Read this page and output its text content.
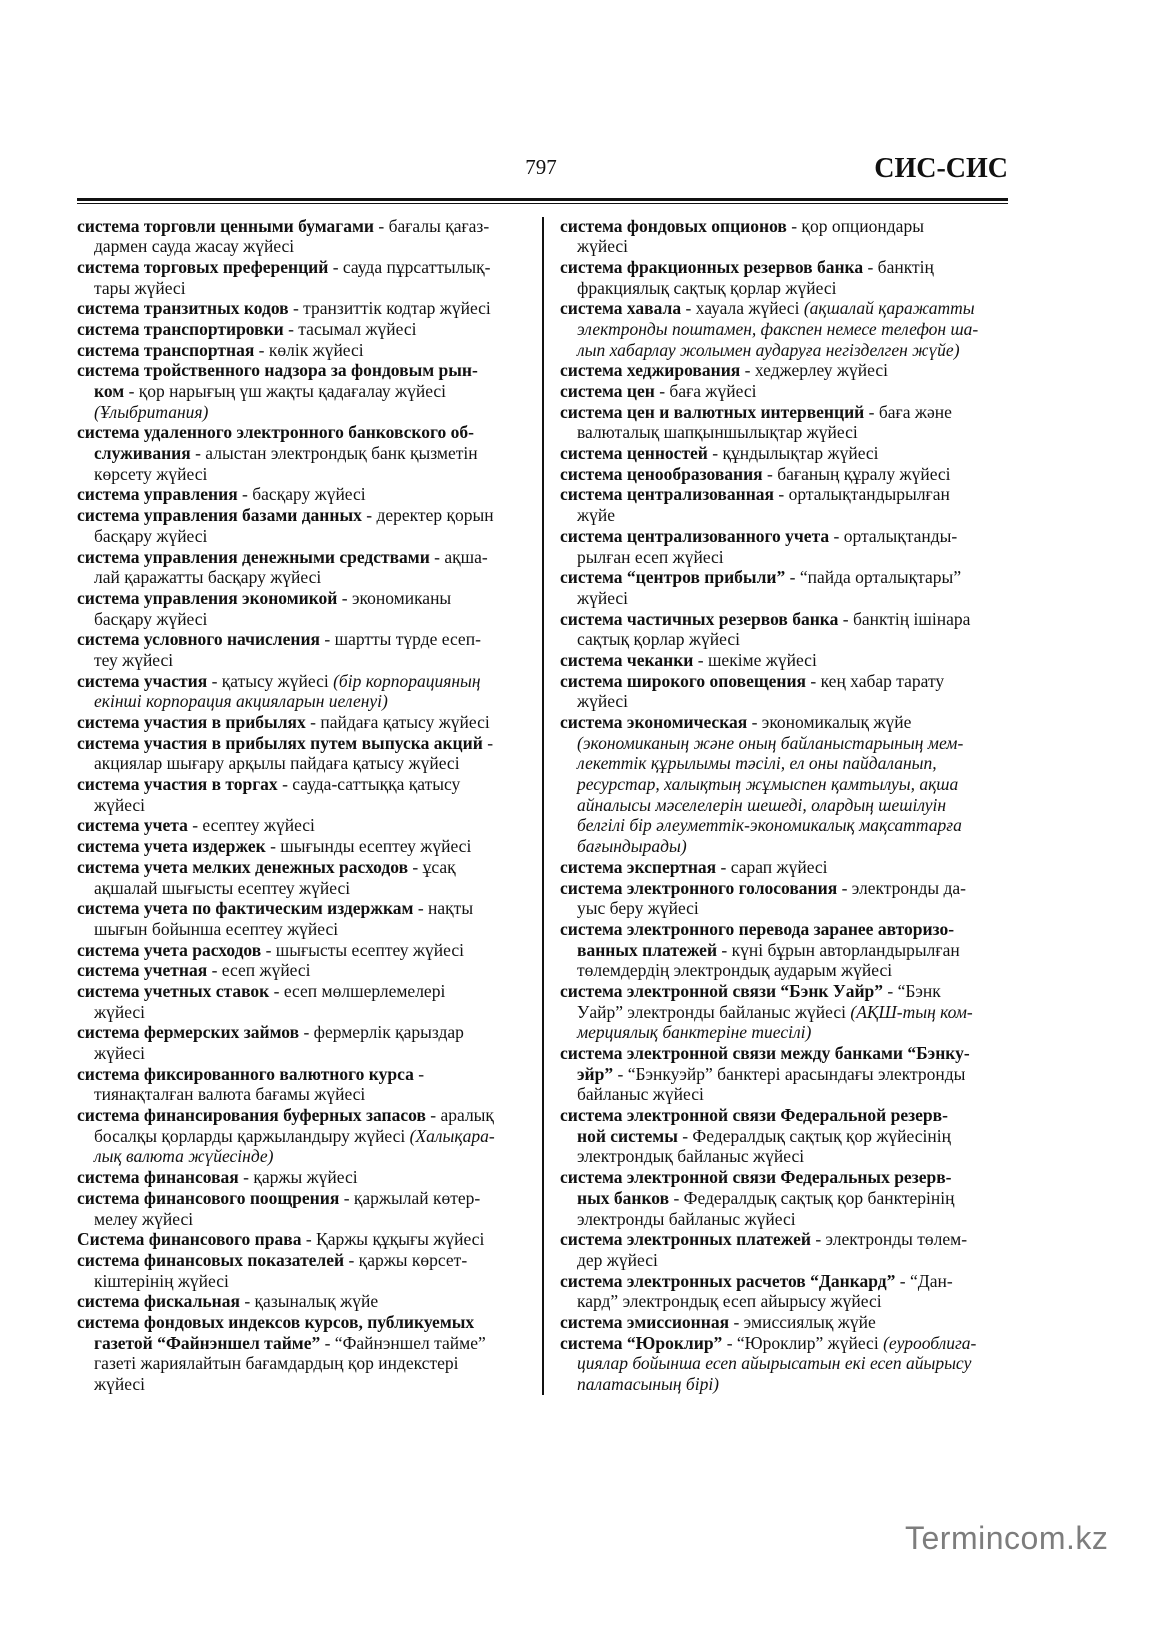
797	СИС-СИС
система торговли ценными бумагами - бағалы қағаз-
дармен сауда жасау жүйесі
система торговых преференций - сауда пұрсаттылық-
тары жүйесі
система транзитных кодов - транзиттік кодтар жүйесі
система транспортировки - тасымал жүйесі
система транспортная - көлік жүйесі
система тройственного надзора за фондовым рын-
ком - қор нарығың үш жақты қадағалау жүйесі
(Ұлыбритания)
система удаленного электронного банковского об-
служивания - алыстан электрондық банк қызметін
көрсету жүйесі
система управления - басқару жүйесі
система управления базами данных - деректер қорын
басқару жүйесі
система управления денежными средствами - ақша-
лай қаражатты басқару жүйесі
система управления экономикой - экономиканы
басқару жүйесі
система условного начисления - шартты түрде есеп-
теу жүйесі
система участия - қатысу жүйесі (бір корпорацияның
екінші корпорация акцияларын иеленуі)
система участия в прибылях - пайдаға қатысу жүйесі
система участия в прибылях путем выпуска акций -
акциялар шығару арқылы пайдаға қатысу жүйесі
система участия в торгах - сауда-саттыққа қатысу
жүйесі
система учета - есептеу жүйесі
система учета издержек - шығынды есептеу жүйесі
система учета мелких денежных расходов - ұсақ
ақшалай шығысты есептеу жүйесі
система учета по фактическим издержкам - нақты
шығын бойынша есептеу жүйесі
система учета расходов - шығысты есептеу жүйесі
система учетная - есеп жүйесі
система учетных ставок - есеп мөлшерлемелері
жүйесі
система фермерских займов - фермерлік қарыздар
жүйесі
система фиксированного валютного курса -
тиянақталған валюта бағамы жүйесі
система финансирования буферных запасов - аралық
босалқы қорларды қаржыландыру жүйесі (Халықара-
лық валюта жүйесінде)
система финансовая - қаржы жүйесі
система финансового поощрения - қаржылай көтер-
мелеу жүйесі
Система финансового права - Қаржы құқығы жүйесі
система финансовых показателей - қаржы көрсет-
кіштерінің жүйесі
система фискальная - қазыналық жүйе
система фондовых индексов курсов, публикуемых
газетой “Файнэншел тайме” - “Файнэншел тайме”
газеті жариялайтын бағамдардың қор индекстері
жүйесі
система фондовых опционов - қор опциондары
жүйесі
система фракционных резервов банка - банктің
фракциялық сақтық қорлар жүйесі
система хавала - хауала жүйесі (ақшалай қаражатты
электронды поштамен, факспен немесе телефон ша-
лып хабарлау жолымен аударуға негізделген жүйе)
система хеджирования - хеджерлеу жүйесі
система цен - баға жүйесі
система цен и валютных интервенций - баға және
валюталық шапқыншылықтар жүйесі
система ценностей - құндылықтар жүйесі
система ценообразования - бағаның құралу жүйесі
система централизованная - орталықтандырылған
жүйе
система централизованного учета - орталықтанды-
рылған есеп жүйесі
система “центров прибыли” - “пайда орталықтары”
жүйесі
система частичных резервов банка - банктің ішінара
сақтық қорлар жүйесі
система чеканки - шекіме жүйесі
система широкого оповещения - кең хабар тарату
жүйесі
система экономическая - экономикалық жүйе
(экономиканың және оның байланыстарының мем-
лекеттік құрылымы тәсілі, ел оны пайдаланып,
ресурстар, халықтың жұмыспен қамтылуы, ақша
айналысы мәселелерін шешеді, олардың шешілуін
белгілі бір әлеуметтік-экономикалық мақсаттарға
бағындырады)
система экспертная - сарап жүйесі
система электронного голосования - электронды да-
уыс беру жүйесі
система электронного перевода заранее авторизо-
ванных платежей - күні бұрын авторландырылған
төлемдердің электрондық аударым жүйесі
система электронной связи “Бэнк Уайр” - “Бэнк
Уайр” электронды байланыс жүйесі (АҚШ-тың ком-
мерциялық банктеріне тиесілі)
система электронной связи между банками “Бэнку-
эйр” - “Бэнкуэйр” банктері арасындағы электронды
байланыс жүйесі
система электронной связи Федеральной резерв-
ной системы - Федералдық сақтық қор жүйесінің
электрондық байланыс жүйесі
система электронной связи Федеральных резерв-
ных банков - Федералдық сақтық қор банктерінің
электронды байланыс жүйесі
система электронных платежей - электронды төлем-
дер жүйесі
система электронных расчетов “Данкард” - “Дан-
кард” электрондық есеп айырысу жүйесі
система эмиссионная - эмиссиялық жүйе
система “Юроклир” - “Юроклир” жүйесі (еурооблига-
циялар бойынша есеп айырысатын екі есеп айырысу
палатасының бірі)
Termincom.kz
